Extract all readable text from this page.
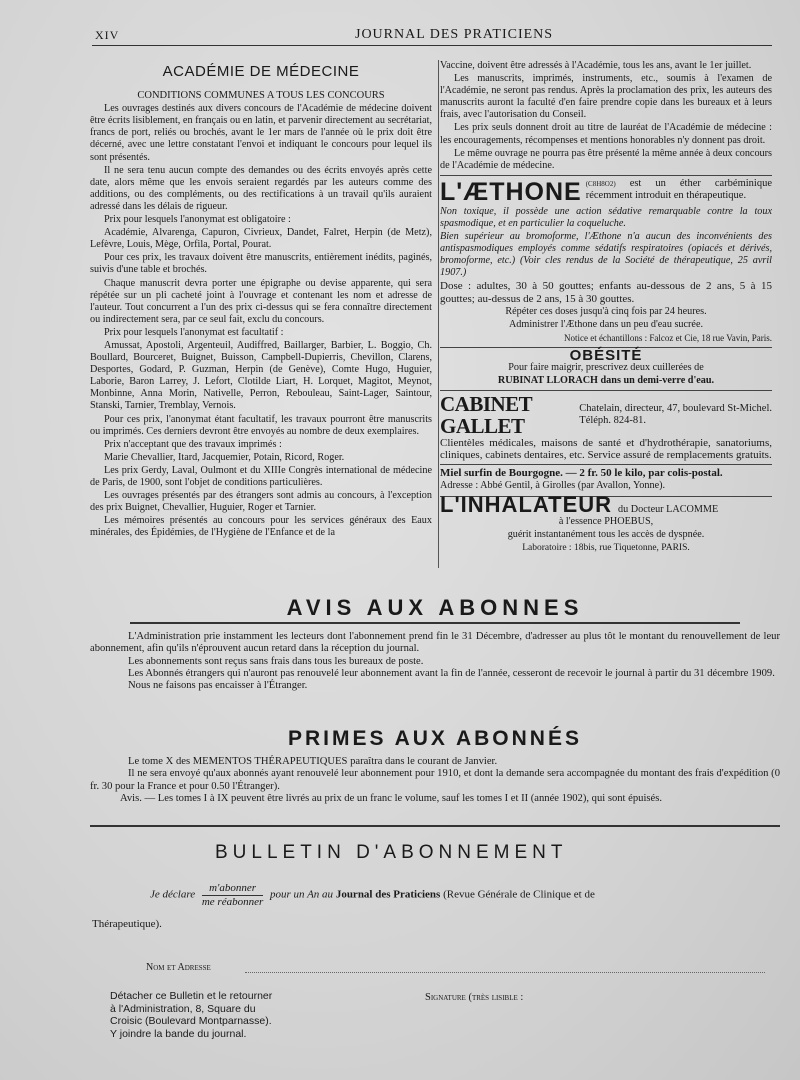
XIV	JOURNAL DES PRATICIENS
ACADÉMIE DE MÉDECINE

CONDITIONS COMMUNES A TOUS LES CONCOURS

Les ouvrages destinés aux divers concours de l'Académie de médecine doivent être écrits lisiblement, en français ou en latin, et parvenir directement au secrétariat, francs de port, reliés ou brochés, avant le 1er mars de l'année où le prix doit être décerné, avec une lettre constatant l'envoi et indiquant le concours pour lequel ils sont présentés.

Il ne sera tenu aucun compte des demandes ou des écrits envoyés après cette date, alors même que les envois seraient regardés par les auteurs comme des additions, ou des compléments, ou des rectifications à un travail qu'ils auraient adressé dans les délais de rigueur.

Prix pour lesquels l'anonymat est obligatoire :

Académie, Alvarenga, Capuron, Civrieux, Dandet, Falret, Herpin (de Metz), Lefèvre, Louis, Mège, Orfila, Portal, Pourat.

Pour ces prix, les travaux doivent être manuscrits, entièrement inédits, paginés, suivis d'une table et brochés.

Chaque manuscrit devra porter une épigraphe ou devise apparente, qui sera répétée sur un pli cacheté joint à l'ouvrage et contenant les nom et adresse de l'auteur. Tout concurrent a l'un des prix ci-dessus qui se fera connaître directement ou indirectement sera, par ce seul fait, exclu du concours.

Prix pour lesquels l'anonymat est facultatif :

Amussat, Apostoli, Argenteuil, Audiffred, Baillarger, Barbier, L. Boggio, Ch. Boullard, Bourceret, Buignet, Buisson, Campbell-Dupierris, Chevillon, Clarens, Desportes, Godard, P. Guzman, Herpin (de Genève), Comte Hugo, Huguier, Laborie, Baron Larrey, J. Lefort, Clotilde Liart, H. Lorquet, Magitot, Meynot, Monbinne, Anna Morin, Nativelle, Perron, Rebouleau, Saint-Lager, Saintour, Stanski, Tarnier, Tremblay, Vernois.

Pour ces prix, l'anonymat étant facultatif, les travaux pourront être manuscrits ou imprimés. Ces derniers devront être envoyés au nombre de deux exemplaires.

Prix n'acceptant que des travaux imprimés :

Marie Chevallier, Itard, Jacquemier, Potain, Ricord, Roger.

Les prix Gerdy, Laval, Oulmont et du XIIIe Congrès international de médecine de Paris, de 1900, sont l'objet de conditions particulières.

Les ouvrages présentés par des étrangers sont admis au concours, à l'exception des prix Buignet, Chevallier, Huguier, Roger et Tarnier.

Les mémoires présentés au concours pour les services généraux des Eaux minérales, des Épidémies, de l'Hygiène de l'Enfance et de la

Vaccine, doivent être adressés à l'Académie, tous les ans, avant le 1er juillet.

Les manuscrits, imprimés, instruments, etc., soumis à l'examen de l'Académie, ne seront pas rendus. Après la proclamation des prix, les auteurs des manuscrits auront la faculté d'en faire prendre copie dans les bureaux et à leurs frais, avec l'autorisation du Conseil.

Les prix seuls donnent droit au titre de lauréat de l'Académie de médecine : les encouragements, récompenses et mentions honorables n'y donnent pas droit.

Le même ouvrage ne pourra pas être présenté la même année à deux concours de l'Académie de médecine.

L'ÆTHONE (C8H8O2) est un éther carbéminique récemment introduit en thérapeutique.

Non toxique, il possède une action sédative remarquable contre la toux spasmodique, et en particulier la coqueluche.

Bien supérieur au bromoforme, l'Æthone n'a aucun des inconvénients des antispasmodiques employés comme sédatifs respiratoires (opiacés et dérivés, bromoforme, etc.) (Voir cles rendus de la Société de thérapeutique, 25 avril 1907.)

Dose : adultes, 30 à 50 gouttes; enfants au-dessous de 2 ans, 5 à 15 gouttes; au-dessus de 2 ans, 15 à 30 gouttes.

Répéter ces doses jusqu'à cinq fois par 24 heures.

Administrer l'Æthone dans un peu d'eau sucrée.

Notice et échantillons : Falcoz et Cie, 18 rue Vavin, Paris.

OBÉSITÉ

Pour faire maigrir, prescrivez deux cuillerées de

RUBINAT LLORACH dans un demi-verre d'eau.

CABINET GALLET
Chatelain, directeur, 47, boulevard St-Michel. Téléph. 824-81.

Clientèles médicales, maisons de santé et d'hydrothérapie, sanatoriums, cliniques, cabinets dentaires, etc. Service assuré de remplacements gratuits.

Miel surfin de Bourgogne. — 2 fr. 50 le kilo, par colis-postal.

Adresse : Abbé Gentil, à Girolles (par Avallon, Yonne).

L'INHALATEUR du Docteur LACOMME

à l'essence PHOEBUS,

guérit instantanément tous les accès de dyspnée.

Laboratoire : 18bis, rue Tiquetonne, PARIS.

AVIS AUX ABONNES

L'Administration prie instamment les lecteurs dont l'abonnement prend fin le 31 Décembre, d'adresser au plus tôt le montant du renouvellement de leur abonnement, afin qu'ils n'éprouvent aucun retard dans la réception du journal.

Les abonnements sont reçus sans frais dans tous les bureaux de poste.

Les Abonnés étrangers qui n'auront pas renouvelé leur abonnement avant la fin de l'année, cesseront de recevoir le journal à partir du 31 décembre 1909.

Nous ne faisons pas encaisser à l'Étranger.

PRIMES AUX ABONNÉS

Le tome X des MEMENTOS THÉRAPEUTIQUES paraîtra dans le courant de Janvier.

Il ne sera envoyé qu'aux abonnés ayant renouvelé leur abonnement pour 1910, et dont la demande sera accompagnée du montant des frais d'expédition (0 fr. 30 pour la France et pour 0.50 l'Étranger).

Avis. — Les tomes I à IX peuvent être livrés au prix de un franc le volume, sauf les tomes I et II (année 1902), qui sont épuisés.

BULLETIN D'ABONNEMENT
Je déclare $\frac{\text{m'abonner}}{\text{me réabonner}}$ pour un An au Journal des Praticiens (Revue Générale de Clinique et de
Thérapeutique).
Nom et Adresse
Détacher ce Bulletin et le retourner
à l'Administration, 8, Square du
Croisic (Boulevard Montparnasse).
Y joindre la bande du journal.
Signature (très lisible :
